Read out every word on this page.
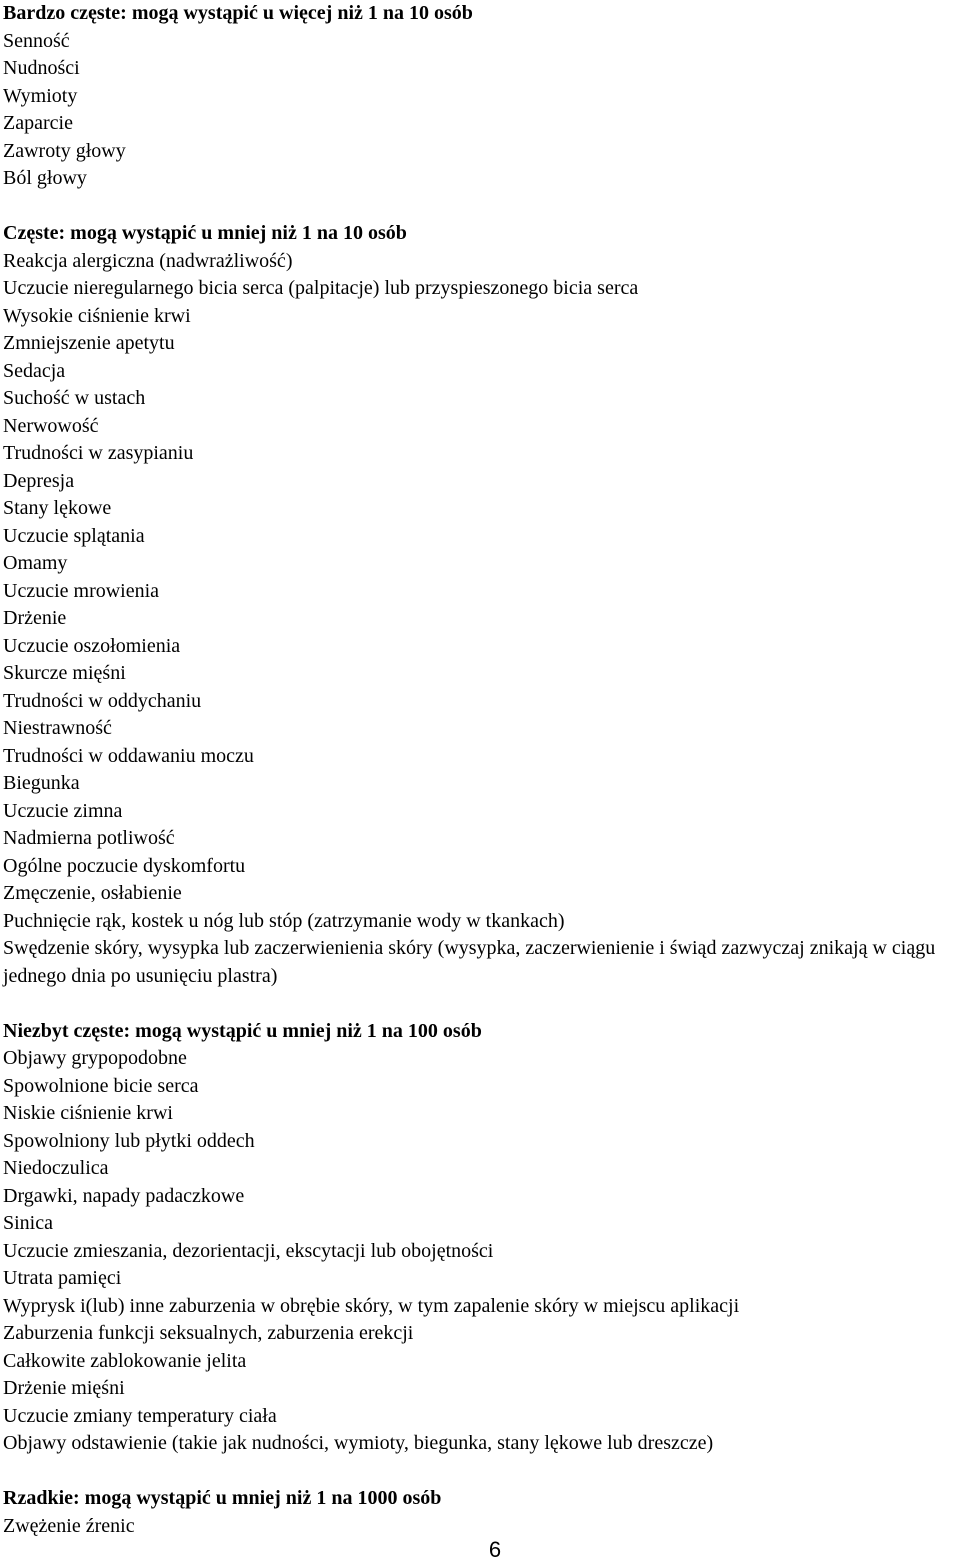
Bardzo częste: mogą wystąpić u więcej niż 1 na 10 osób
Senność
Nudności
Wymioty
Zaparcie
Zawroty głowy
Ból głowy
Częste: mogą wystąpić u mniej niż 1 na 10 osób
Reakcja alergiczna (nadwrażliwość)
Uczucie nieregularnego bicia serca (palpitacje) lub przyspieszonego bicia serca
Wysokie ciśnienie krwi
Zmniejszenie apetytu
Sedacja
Suchość w ustach
Nerwowość
Trudności w zasypianiu
Depresja
Stany lękowe
Uczucie splątania
Omamy
Uczucie mrowienia
Drżenie
Uczucie oszołomienia
Skurcze mięśni
Trudności w oddychaniu
Niestrawność
Trudności w oddawaniu moczu
Biegunka
Uczucie zimna
Nadmierna potliwość
Ogólne poczucie dyskomfortu
Zmęczenie, osłabienie
Puchnięcie rąk, kostek u nóg lub stóp (zatrzymanie wody w tkankach)
Swędzenie skóry, wysypka lub zaczerwienienia skóry (wysypka, zaczerwienienie i świąd zazwyczaj znikają w ciągu jednego dnia po usunięciu plastra)
Niezbyt częste: mogą wystąpić u mniej niż 1 na 100 osób
Objawy grypopodobne
Spowolnione bicie serca
Niskie ciśnienie krwi
Spowolniony lub płytki oddech
Niedoczulica
Drgawki, napady padaczkowe
Sinica
Uczucie zmieszania, dezorientacji, ekscytacji lub obojętności
Utrata pamięci
Wyprysk i(lub) inne zaburzenia w obrębie skóry, w tym zapalenie skóry w miejscu aplikacji
Zaburzenia funkcji seksualnych, zaburzenia erekcji
Całkowite zablokowanie jelita
Drżenie mięśni
Uczucie zmiany temperatury ciała
Objawy odstawienie (takie jak nudności, wymioty, biegunka, stany lękowe lub dreszcze)
Rzadkie: mogą wystąpić u mniej niż 1 na 1000 osób
Zwężenie źrenic
6
